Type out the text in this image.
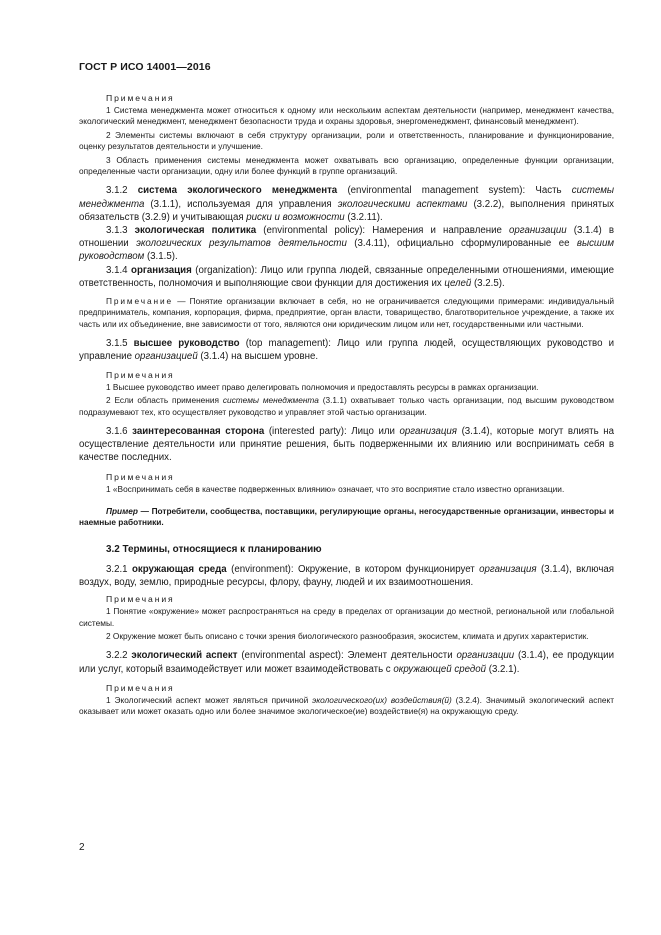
ГОСТ Р ИСО 14001—2016

Примечания

1 Система менеджмента может относиться к одному или нескольким аспектам деятельности (например, менеджмент качества, экологический менеджмент, менеджмент безопасности труда и охраны здоровья, энергоменеджмент, финансовый менеджмент).

2 Элементы системы включают в себя структуру организации, роли и ответственность, планирование и функционирование, оценку результатов деятельности и улучшение.

3 Область применения системы менеджмента может охватывать всю организацию, определенные функции организации, определенные части организации, одну или более функций в группе организаций.

3.1.2 система экологического менеджмента (environmental management system): Часть системы менеджмента (3.1.1), используемая для управления экологическими аспектами (3.2.2), выполнения принятых обязательств (3.2.9) и учитывающая риски и возможности (3.2.11).

3.1.3 экологическая политика (environmental policy): Намерения и направление организации (3.1.4) в отношении экологических результатов деятельности (3.4.11), официально сформулированные ее высшим руководством (3.1.5).

3.1.4 организация (organization): Лицо или группа людей, связанные определенными отношениями, имеющие ответственность, полномочия и выполняющие свои функции для достижения их целей (3.2.5).

Примечание — Понятие организации включает в себя, но не ограничивается следующими примерами: индивидуальный предприниматель, компания, корпорация, фирма, предприятие, орган власти, товарищество, благотворительное учреждение, а также их часть или их объединение, вне зависимости от того, являются они юридическим лицом или нет, государственными или частными.

3.1.5 высшее руководство (top management): Лицо или группа людей, осуществляющих руководство и управление организацией (3.1.4) на высшем уровне.

Примечания

1 Высшее руководство имеет право делегировать полномочия и предоставлять ресурсы в рамках организации.

2 Если область применения системы менеджмента (3.1.1) охватывает только часть организации, под высшим руководством подразумевают тех, кто осуществляет руководство и управляет этой частью организации.

3.1.6 заинтересованная сторона (interested party): Лицо или организация (3.1.4), которые могут влиять на осуществление деятельности или принятие решения, быть подверженными их влиянию или воспринимать себя в качестве последних.

Примечания

1 «Воспринимать себя в качестве подверженных влиянию» означает, что это восприятие стало известно организации.

Пример — Потребители, сообщества, поставщики, регулирующие органы, негосударственные организации, инвесторы и наемные работники.

3.2 Термины, относящиеся к планированию

3.2.1 окружающая среда (environment): Окружение, в котором функционирует организация (3.1.4), включая воздух, воду, землю, природные ресурсы, флору, фауну, людей и их взаимоотношения.

Примечания

1 Понятие «окружение» может распространяться на среду в пределах от организации до местной, региональной или глобальной системы.

2 Окружение может быть описано с точки зрения биологического разнообразия, экосистем, климата и других характеристик.

3.2.2 экологический аспект (environmental aspect): Элемент деятельности организации (3.1.4), ее продукции или услуг, который взаимодействует или может взаимодействовать с окружающей средой (3.2.1).

Примечания

1 Экологический аспект может являться причиной экологического(их) воздействия(й) (3.2.4). Значимый экологический аспект оказывает или может оказать одно или более значимое экологическое(ие) воздействие(я) на окружающую среду.

2
